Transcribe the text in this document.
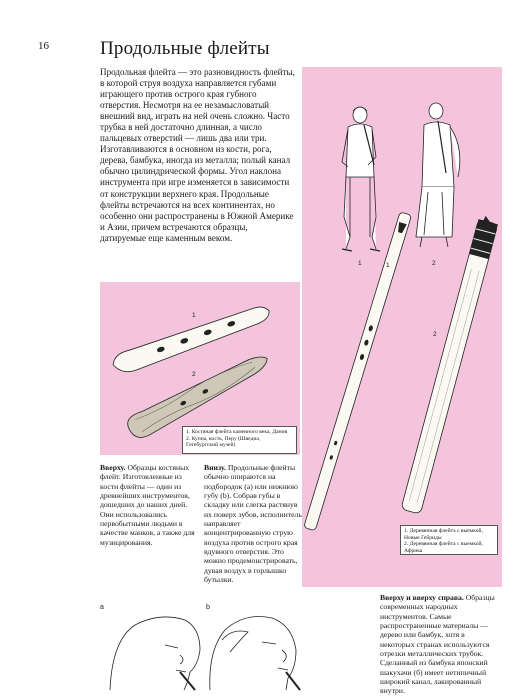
16	Продольные флейты

Продольная флейта — это разновидность флейты, в которой струя воздуха направляется губами играющего против острого края губного отверстия. Несмотря на ее незамысловатый внешний вид, играть на ней очень сложно. Часто трубка в ней достаточно длинная, а число пальцевых отверстий — лишь два или три. Изготавливаются в основном из кости, рога, дерева, бамбука, иногда из металла; полый канал обычно цилиндрической формы. Угол наклона инструмента при игре изменяется в зависимости от конструкции верхнего края. Продольные флейты встречаются на всех континентах, но особенно они распространены в Южной Америке и Азии, причем встречаются образцы, датируемые еще каменным веком.

1	2
1
2
1. Деревянная флейта с выемкой, Новые Гебриды
2. Деревянная флейта с выемкой, Африка
1
2
1. Костяная флейта каменного века, Дания
2. Купна, кость, Перу (Шведиа, Готебургский музей)

Вверху. Образцы костяных флейт. Изготовленные из кости флейты — один из древнейших инструментов, дошедших до наших дней. Они использовались первобытными людьми в качестве манков, а также для музицирования.

Внизу. Продольные флейты обычно опираются на подбородок (a) или нижнюю губу (b). Собрав губы в складку или слегка растянув их поверх зубов, исполнитель направляет концентрированную струю воздуха против острого края вдувного отверстия. Это можно продемонстрировать, дувая воздух в горлышко бутылки.

Вверху и вверху справа. Образцы современных народных инструментов. Самые распространенные материалы — дерево или бамбук, хотя в некоторых странах используются отрезки металлических трубок. Сделанный из бамбука японский шакухачи (б) имеет нетипичный широкий канал, лакированный внутри.

a	b
